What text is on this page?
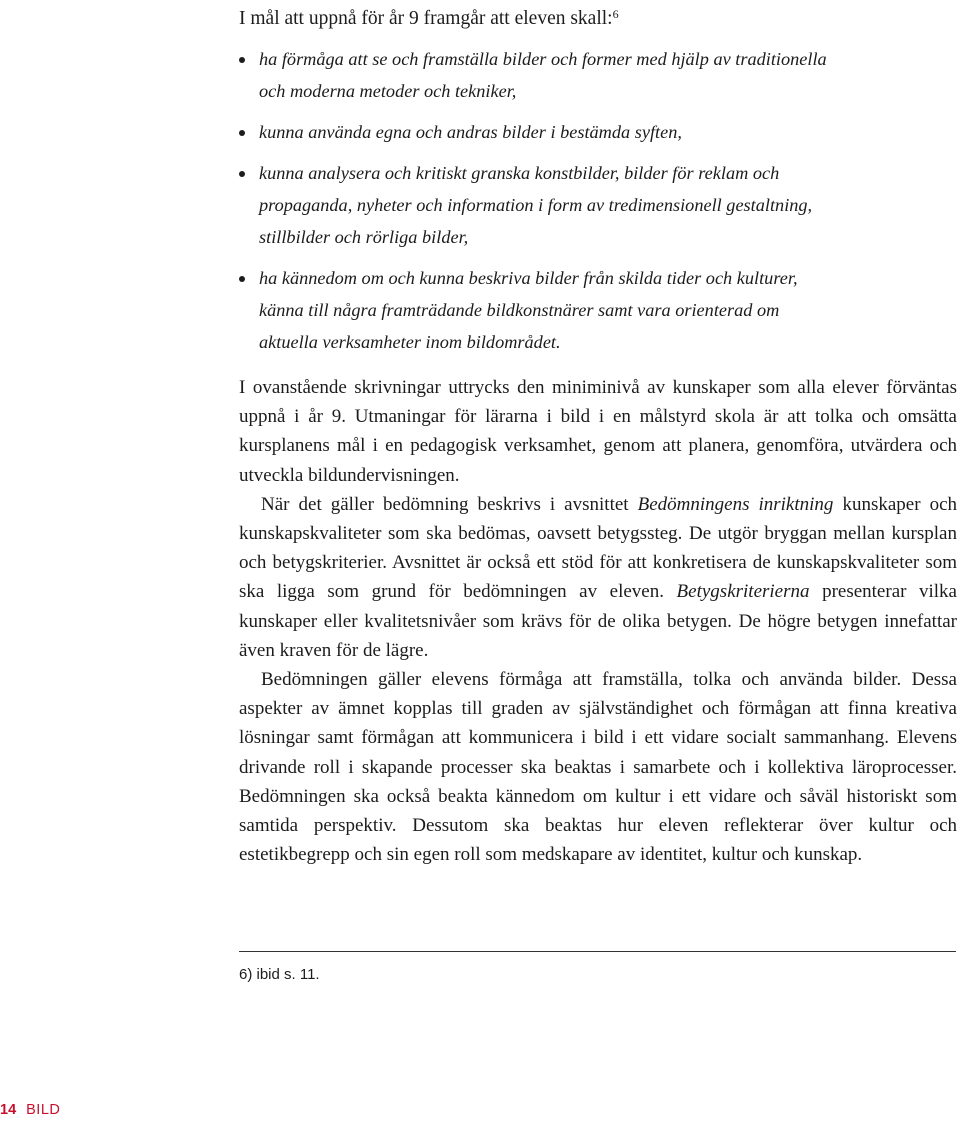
I mål att uppnå för år 9 framgår att eleven skall:$^6$
ha förmåga att se och framställa bilder och former med hjälp av traditionella och moderna metoder och tekniker,
kunna använda egna och andras bilder i bestämda syften,
kunna analysera och kritiskt granska konstbilder, bilder för reklam och propaganda, nyheter och information i form av tredimensionell gestaltning, stillbilder och rörliga bilder,
ha kännedom om och kunna beskriva bilder från skilda tider och kulturer, känna till några framträdande bildkonstnärer samt vara orienterad om aktuella verksamheter inom bildområdet.

I ovanstående skrivningar uttrycks den miniminivå av kunskaper som alla elever förväntas uppnå i år 9. Utmaningar för lärarna i bild i en målstyrd skola är att tolka och omsätta kursplanens mål i en pedagogisk verksamhet, genom att planera, genomföra, utvärdera och utveckla bildundervisningen.

När det gäller bedömning beskrivs i avsnittet Bedömningens inriktning kunskaper och kunskapskvaliteter som ska bedömas, oavsett betygssteg. De utgör bryggan mellan kursplan och betygskriterier. Avsnittet är också ett stöd för att konkretisera de kunskapskvaliteter som ska ligga som grund för bedömningen av eleven. Betygskriterierna presenterar vilka kunskaper eller kvalitetsnivåer som krävs för de olika betygen. De högre betygen innefattar även kraven för de lägre.

Bedömningen gäller elevens förmåga att framställa, tolka och använda bilder. Dessa aspekter av ämnet kopplas till graden av självständighet och förmågan att finna kreativa lösningar samt förmågan att kommunicera i bild i ett vidare socialt sammanhang. Elevens drivande roll i skapande processer ska beaktas i samarbete och i kollektiva läroprocesser. Bedömningen ska också beakta kännedom om kultur i ett vidare och såväl historiskt som samtida perspektiv. Dessutom ska beaktas hur eleven reflekterar över kultur och estetikbegrepp och sin egen roll som medskapare av identitet, kultur och kunskap.

6) ibid s. 11.
14 BILD
